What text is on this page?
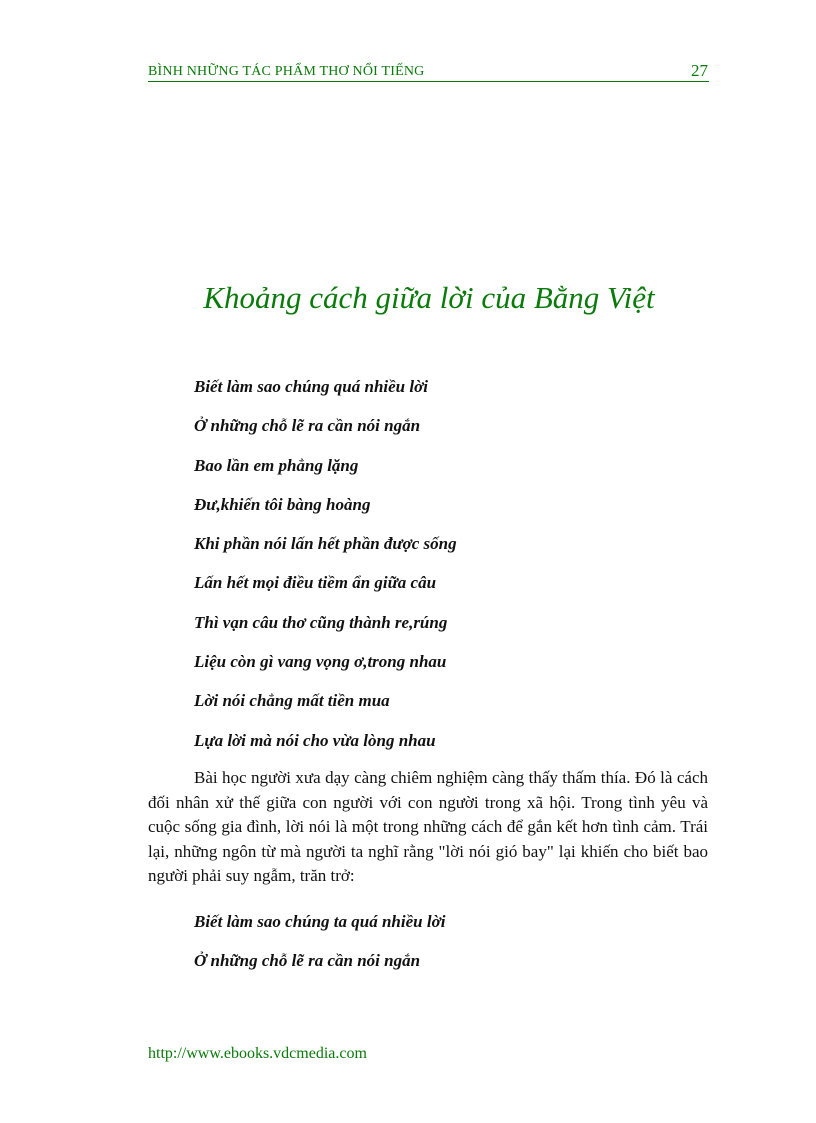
BÌNH NHỮNG TÁC PHẨM THƠ NỔI TIẾNG	27
Khoảng cách giữa lời của Bằng Việt
Biết làm sao chúng quá nhiều lời
Ở những chỗ lẽ ra cần nói ngắn
Bao lần em phẳng lặng
Đư,khiến tôi bàng hoàng
Khi phần nói lấn hết phần được sống
Lấn hết mọi điều tiềm ẩn giữa câu
Thì vạn câu thơ cũng thành re,rúng
Liệu còn gì vang vọng ơ,trong nhau
Lời nói chẳng mất tiền mua
Lựa lời mà nói cho vừa lòng nhau

Bài học người xưa dạy càng chiêm nghiệm càng thấy thấm thía. Đó là cách đối nhân xử thế giữa con người với con người trong xã hội. Trong tình yêu và cuộc sống gia đình, lời nói là một trong những cách để gắn kết hơn tình cảm. Trái lại, những ngôn từ mà người ta nghĩ rằng "lời nói gió bay" lại khiến cho biết bao người phải suy ngẫm, trăn trở:

Biết làm sao chúng ta quá nhiều lời
Ở những chỗ lẽ ra cần nói ngắn
http://www.ebooks.vdcmedia.com
